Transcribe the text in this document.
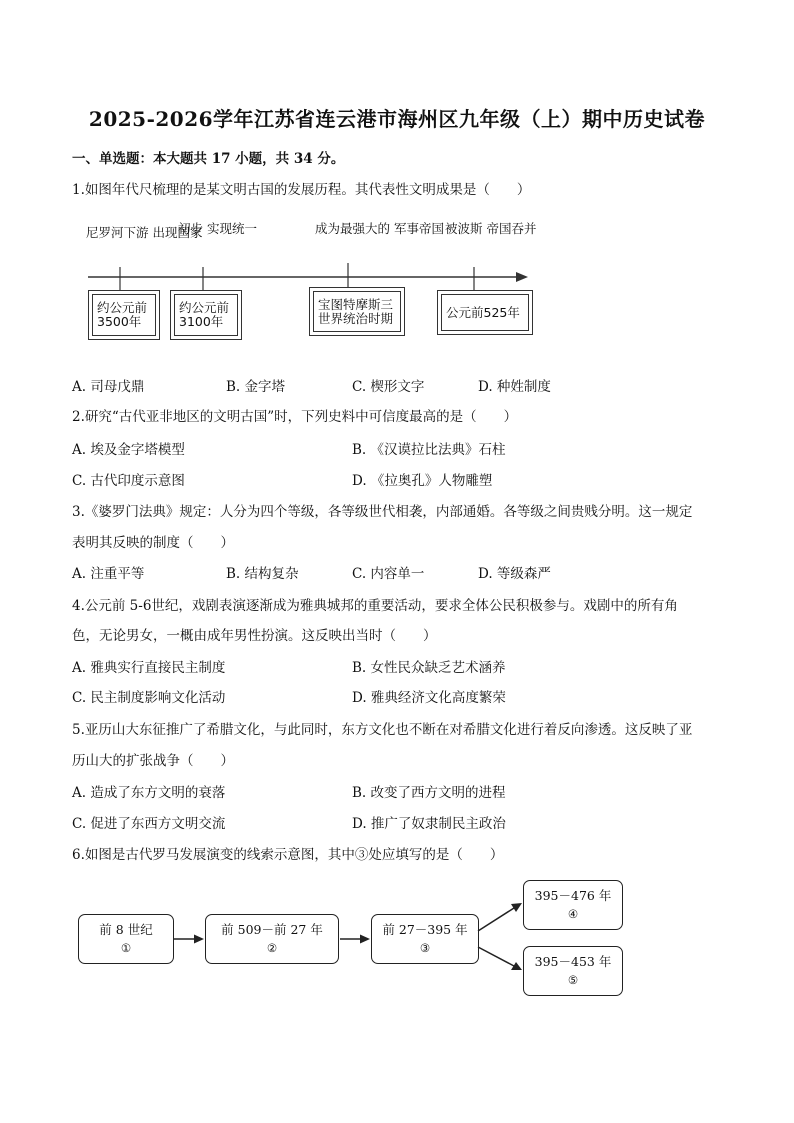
2025-2026学年江苏省连云港市海州区九年级（上）期中历史试卷
一、单选题：本大题共 17 小题，共 34 分。
1.如图年代尺梳理的是某文明古国的发展历程。其代表性文明成果是（　　）
尼罗河下游 出现国家
初步 实现统一	成为最强大的 军事帝国 被波斯 帝国吞并
约公元前
3500年
约公元前
3100年
宝图特摩斯三
世界统治时期	公元前525年
A. 司母戊鼎	B. 金字塔	C. 楔形文字	D. 种姓制度
2.研究“古代亚非地区的文明古国”时，下列史料中可信度最高的是（　　）
A. 埃及金字塔模型	B. 《汉谟拉比法典》石柱
C. 古代印度示意图	D. 《拉奥孔》人物雕塑
3.《婆罗门法典》规定：人分为四个等级，各等级世代相袭，内部通婚。各等级之间贵贱分明。这一规定
表明其反映的制度（　　）
A. 注重平等	B. 结构复杂	C. 内容单一	D. 等级森严
4.公元前 5-6世纪，戏剧表演逐渐成为雅典城邦的重要活动，要求全体公民积极参与。戏剧中的所有角
色，无论男女，一概由成年男性扮演。这反映出当时（　　）
A. 雅典实行直接民主制度	B. 女性民众缺乏艺术涵养
C. 民主制度影响文化活动	D. 雅典经济文化高度繁荣
5.亚历山大东征推广了希腊文化，与此同时，东方文化也不断在对希腊文化进行着反向渗透。这反映了亚
历山大的扩张战争（　　）
A. 造成了东方文明的衰落	B. 改变了西方文明的进程
C. 促进了东西方文明交流	D. 推广了奴隶制民主政治
6.如图是古代罗马发展演变的线索示意图，其中③处应填写的是（　　）
前 8 世纪
①
前 509－前 27 年
②
前 27－395 年
③
395－476 年
④
395－453 年
⑤
